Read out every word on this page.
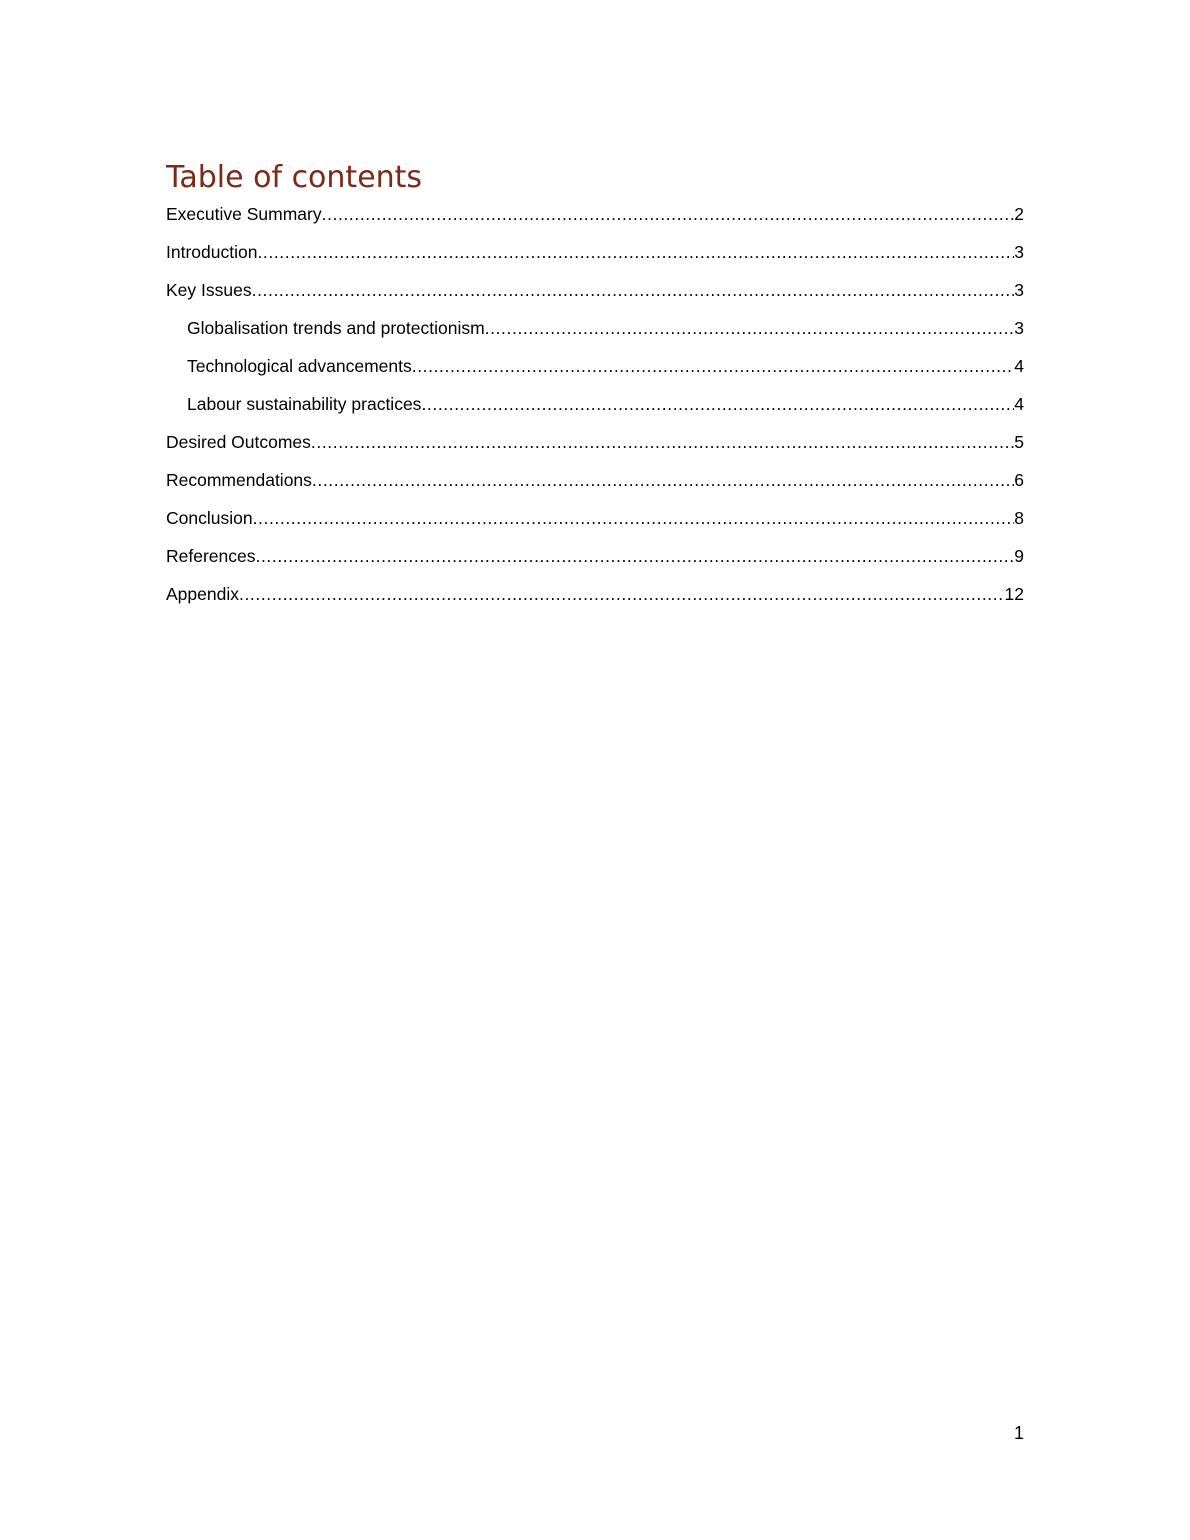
Table of contents
Executive Summary .....	2
Introduction .....	3
Key Issues .....	3
Globalisation trends and protectionism .....	3
Technological advancements .....	4
Labour sustainability practices .....	4
Desired Outcomes .....	5
Recommendations .....	6
Conclusion .....	8
References .....	9
Appendix .....	12
1
